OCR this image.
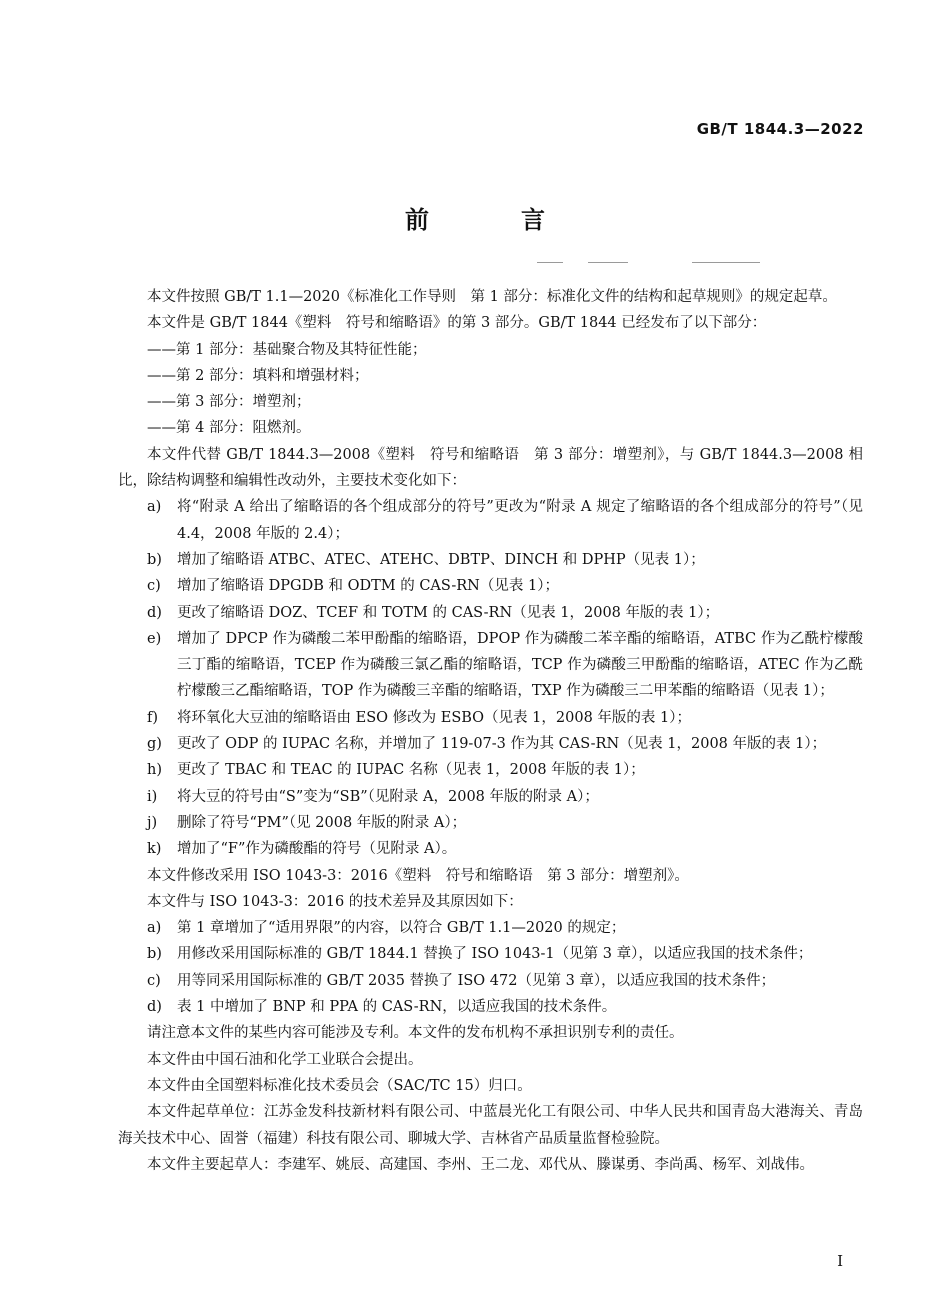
GB/T 1844.3—2022
前　言

本文件按照 GB/T 1.1—2020《标准化工作导则　第 1 部分：标准化文件的结构和起草规则》的规定起草。

本文件是 GB/T 1844《塑料　符号和缩略语》的第 3 部分。GB/T 1844 已经发布了以下部分：

——第 1 部分：基础聚合物及其特征性能；

——第 2 部分：填料和增强材料；

——第 3 部分：增塑剂；

——第 4 部分：阻燃剂。

本文件代替 GB/T 1844.3—2008《塑料　符号和缩略语　第 3 部分：增塑剂》，与 GB/T 1844.3—2008 相比，除结构调整和编辑性改动外，主要技术变化如下：

a)	将“附录 A 给出了缩略语的各个组成部分的符号”更改为“附录 A 规定了缩略语的各个组成部分的符号”（见 4.4，2008 年版的 2.4）；
b)	增加了缩略语 ATBC、ATEC、ATEHC、DBTP、DINCH 和 DPHP（见表 1）；
c)	增加了缩略语 DPGDB 和 ODTM 的 CAS-RN（见表 1）；
d)	更改了缩略语 DOZ、TCEF 和 TOTM 的 CAS-RN（见表 1，2008 年版的表 1）；
e)	增加了 DPCP 作为磷酸二苯甲酚酯的缩略语，DPOP 作为磷酸二苯辛酯的缩略语，ATBC 作为乙酰柠檬酸三丁酯的缩略语，TCEP 作为磷酸三氯乙酯的缩略语，TCP 作为磷酸三甲酚酯的缩略语，ATEC 作为乙酰柠檬酸三乙酯缩略语，TOP 作为磷酸三辛酯的缩略语，TXP 作为磷酸三二甲苯酯的缩略语（见表 1）；
f)	将环氧化大豆油的缩略语由 ESO 修改为 ESBO（见表 1，2008 年版的表 1）；
g)	更改了 ODP 的 IUPAC 名称，并增加了 119-07-3 作为其 CAS-RN（见表 1，2008 年版的表 1）；
h)	更改了 TBAC 和 TEAC 的 IUPAC 名称（见表 1，2008 年版的表 1）；
i)	将大豆的符号由“S”变为“SB”（见附录 A，2008 年版的附录 A）；
j)	删除了符号“PM”（见 2008 年版的附录 A）；
k)	增加了“F”作为磷酸酯的符号（见附录 A）。

本文件修改采用 ISO 1043-3：2016《塑料　符号和缩略语　第 3 部分：增塑剂》。

本文件与 ISO 1043-3：2016 的技术差异及其原因如下：

a)	第 1 章增加了“适用界限”的内容，以符合 GB/T 1.1—2020 的规定；
b)	用修改采用国际标准的 GB/T 1844.1 替换了 ISO 1043-1（见第 3 章），以适应我国的技术条件；
c)	用等同采用国际标准的 GB/T 2035 替换了 ISO 472（见第 3 章），以适应我国的技术条件；
d)	表 1 中增加了 BNP 和 PPA 的 CAS-RN，以适应我国的技术条件。

请注意本文件的某些内容可能涉及专利。本文件的发布机构不承担识别专利的责任。

本文件由中国石油和化学工业联合会提出。

本文件由全国塑料标准化技术委员会（SAC/TC 15）归口。

本文件起草单位：江苏金发科技新材料有限公司、中蓝晨光化工有限公司、中华人民共和国青岛大港海关、青岛海关技术中心、固誉（福建）科技有限公司、聊城大学、吉林省产品质量监督检验院。

本文件主要起草人：李建军、姚辰、高建国、李州、王二龙、邓代从、滕谋勇、李尚禹、杨军、刘战伟。

I
